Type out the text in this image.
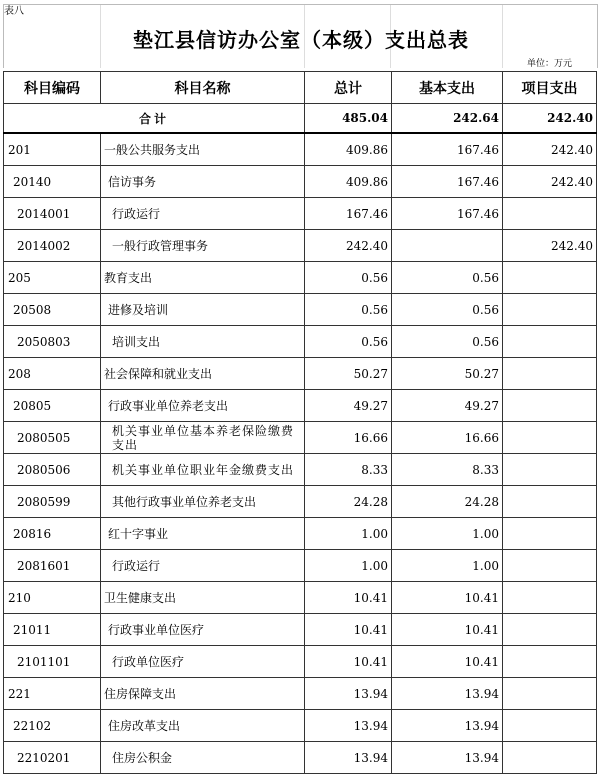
表八
垫江县信访办公室（本级）支出总表
单位：万元
科目编码	科目名称	总计	基本支出	项目支出
合计		485.04	242.64	242.40
201	一般公共服务支出	409.86	167.46	242.40
20140	信访事务	409.86	167.46	242.40
2014001	行政运行	167.46	167.46	
2014002	一般行政管理事务	242.40		242.40
205	教育支出	0.56	0.56	
20508	进修及培训	0.56	0.56	
2050803	培训支出	0.56	0.56	
208	社会保障和就业支出	50.27	50.27	
20805	行政事业单位养老支出	49.27	49.27	
2080505	机关事业单位基本养老保险缴费支出	16.66	16.66	
2080506	机关事业单位职业年金缴费支出	8.33	8.33	
2080599	其他行政事业单位养老支出	24.28	24.28	
20816	红十字事业	1.00	1.00	
2081601	行政运行	1.00	1.00	
210	卫生健康支出	10.41	10.41	
21011	行政事业单位医疗	10.41	10.41	
2101101	行政单位医疗	10.41	10.41	
221	住房保障支出	13.94	13.94	
22102	住房改革支出	13.94	13.94	
2210201	住房公积金	13.94	13.94	
